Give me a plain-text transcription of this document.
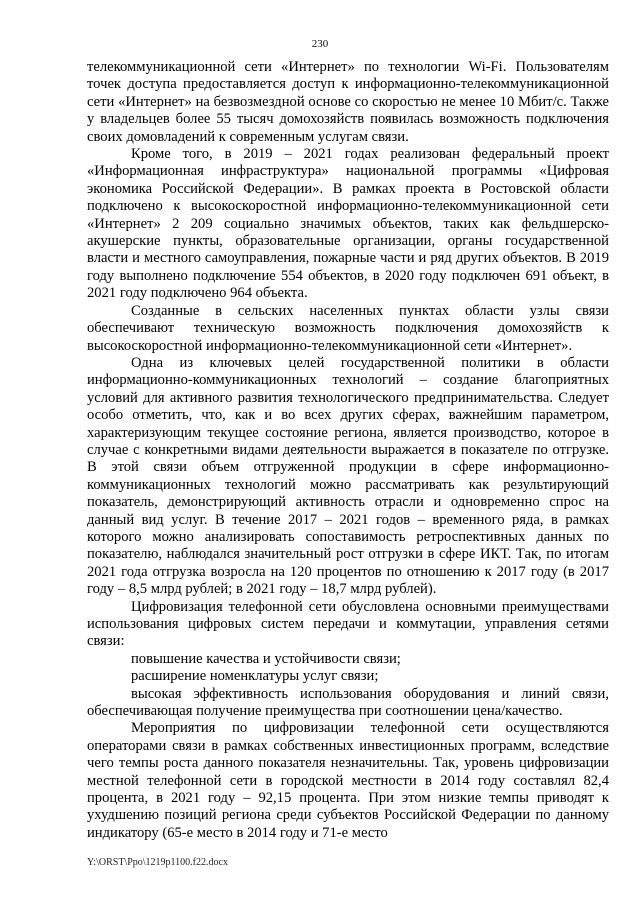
230

телекоммуникационной сети «Интернет» по технологии Wi-Fi. Пользователям точек доступа предоставляется доступ к информационно-телекоммуникационной сети «Интернет» на безвозмездной основе со скоростью не менее 10 Мбит/с. Также у владельцев более 55 тысяч домохозяйств появилась возможность подключения своих домовладений к современным услугам связи.

Кроме того, в 2019 – 2021 годах реализован федеральный проект «Информационная инфраструктура» национальной программы «Цифровая экономика Российской Федерации». В рамках проекта в Ростовской области подключено к высокоскоростной информационно-телекоммуникационной сети «Интернет» 2 209 социально значимых объектов, таких как фельдшерско-акушерские пункты, образовательные организации, органы государственной власти и местного самоуправления, пожарные части и ряд других объектов. В 2019 году выполнено подключение 554 объектов, в 2020 году подключен 691 объект, в 2021 году подключено 964 объекта.

Созданные в сельских населенных пунктах области узлы связи обеспечивают техническую возможность подключения домохозяйств к высокоскоростной информационно-телекоммуникационной сети «Интернет».

Одна из ключевых целей государственной политики в области информационно-коммуникационных технологий – создание благоприятных условий для активного развития технологического предпринимательства. Следует особо отметить, что, как и во всех других сферах, важнейшим параметром, характеризующим текущее состояние региона, является производство, которое в случае с конкретными видами деятельности выражается в показателе по отгрузке. В этой связи объем отгруженной продукции в сфере информационно-коммуникационных технологий можно рассматривать как результирующий показатель, демонстрирующий активность отрасли и одновременно спрос на данный вид услуг. В течение 2017 – 2021 годов – временного ряда, в рамках которого можно анализировать сопоставимость ретроспективных данных по показателю, наблюдался значительный рост отгрузки в сфере ИКТ. Так, по итогам 2021 года отгрузка возросла на 120 процентов по отношению к 2017 году (в 2017 году – 8,5 млрд рублей; в 2021 году – 18,7 млрд рублей).

Цифровизация телефонной сети обусловлена основными преимуществами использования цифровых систем передачи и коммутации, управления сетями связи:

повышение качества и устойчивости связи;

расширение номенклатуры услуг связи;

высокая эффективность использования оборудования и линий связи, обеспечивающая получение преимущества при соотношении цена/качество.

Мероприятия по цифровизации телефонной сети осуществляются операторами связи в рамках собственных инвестиционных программ, вследствие чего темпы роста данного показателя незначительны. Так, уровень цифровизации местной телефонной сети в городской местности в 2014 году составлял 82,4 процента, в 2021 году – 92,15 процента. При этом низкие темпы приводят к ухудшению позиций региона среди субъектов Российской Федерации по данному индикатору (65-е место в 2014 году и 71-е место

Y:\ORST\Ppo\1219p1100.f22.docx
